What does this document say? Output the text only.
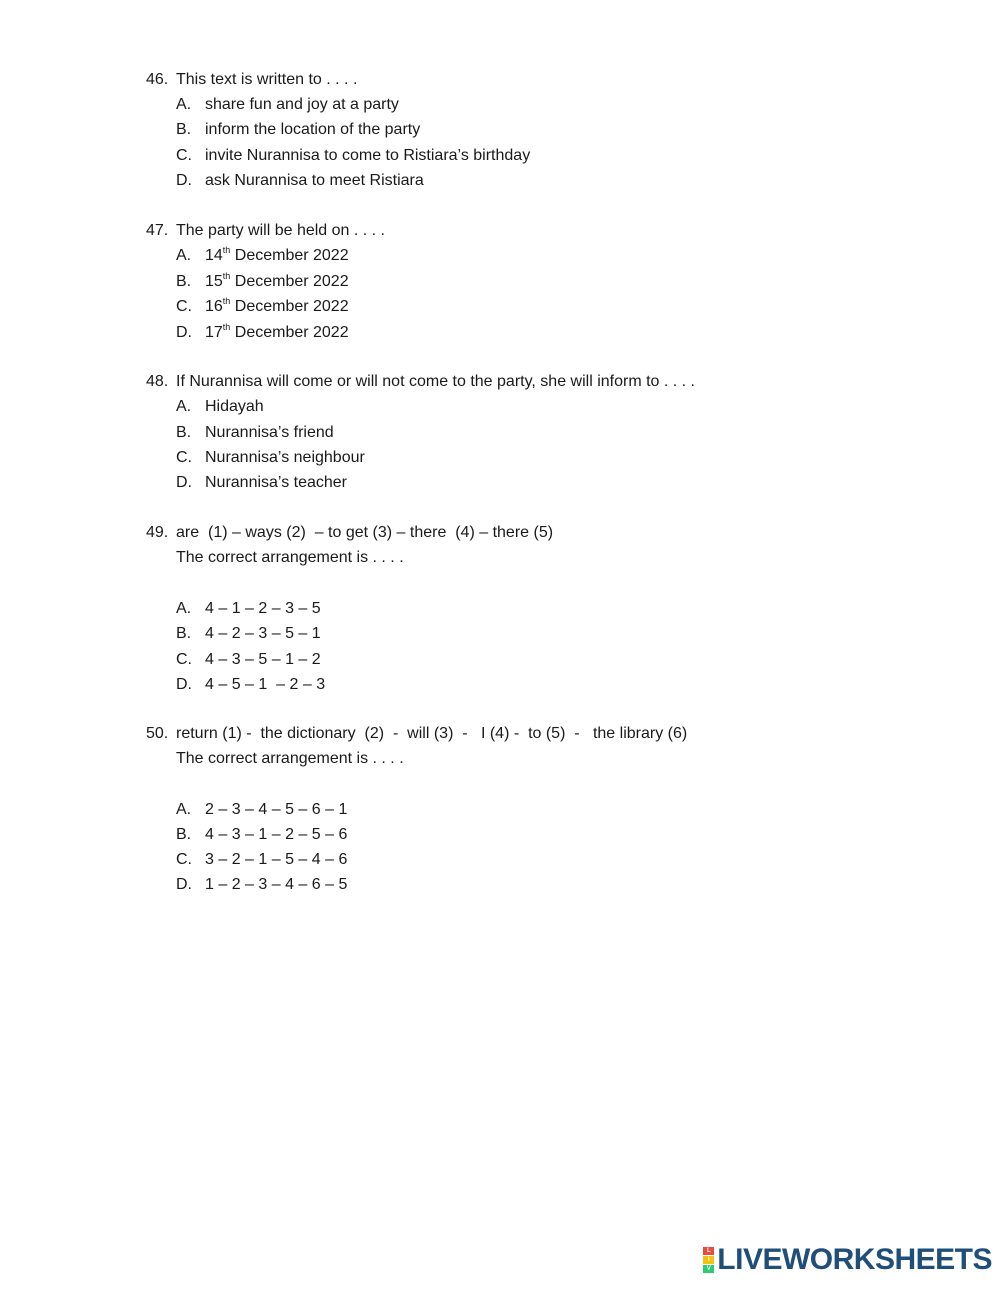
46. This text is written to . . . .
A. share fun and joy at a party
B. inform the location of the party
C. invite Nurannisa to come to Ristiara’s birthday
D. ask Nurannisa to meet Ristiara
47. The party will be held on . . . .
A. 14th December 2022
B. 15th December 2022
C. 16th December 2022
D. 17th December 2022
48. If Nurannisa will come or will not come to the party, she will inform to . . . .
A. Hidayah
B. Nurannisa’s friend
C. Nurannisa’s neighbour
D. Nurannisa’s teacher
49. are  (1) – ways (2)  – to get (3) – there  (4) – there (5)
The correct arrangement is . . . .
A. 4 – 1 – 2 – 3 – 5
B. 4 – 2 – 3 – 5 – 1
C. 4 – 3 – 5 – 1 – 2
D. 4 – 5 – 1  – 2 – 3
50. return (1) -  the dictionary  (2)  -  will (3)  -   I (4) -  to (5)  -   the library (6)
The correct arrangement is . . . .
A. 2 – 3 – 4 – 5 – 6 – 1
B. 4 – 3 – 1 – 2 – 5 – 6
C. 3 – 2 – 1 – 5 – 4 – 6
D. 1 – 2 – 3 – 4 – 6 – 5
L
I
V LIVEWORKSHEETS
